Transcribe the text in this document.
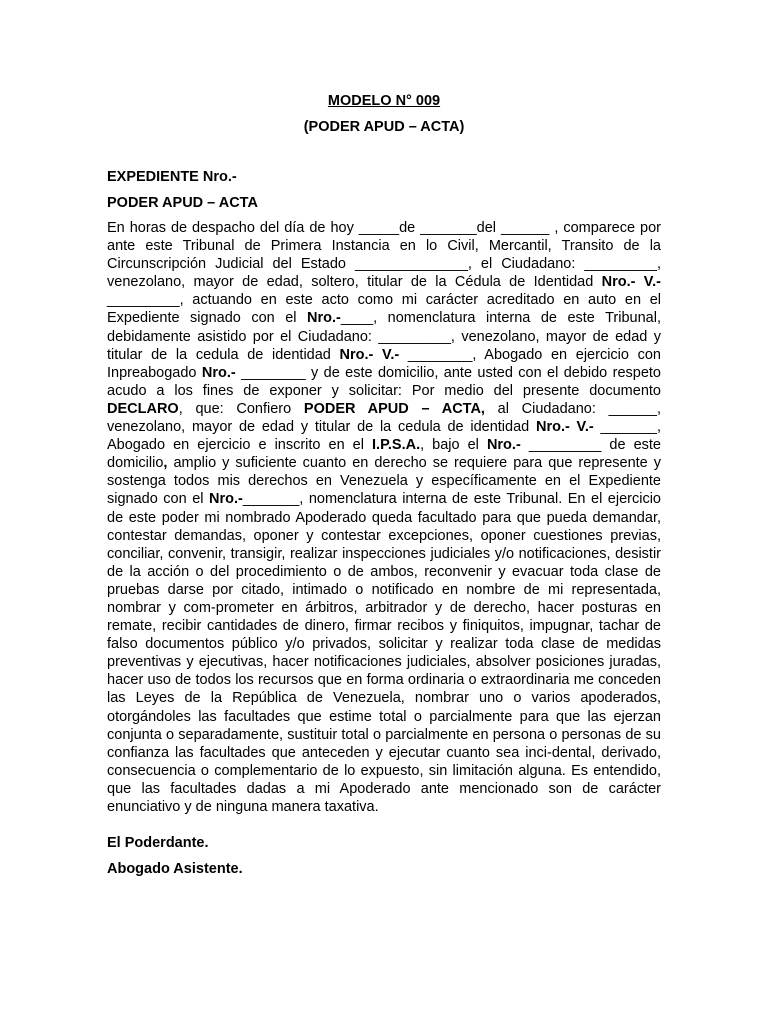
MODELO N° 009

(PODER APUD – ACTA)

EXPEDIENTE Nro.-

PODER APUD – ACTA

En horas de despacho del día de hoy _____de _______del ______ , comparece por ante este Tribunal de Primera Instancia en lo Civil, Mercantil, Transito de la Circunscripción Judicial del Estado ______________, el Ciudadano: _________, venezolano, mayor de edad, soltero, titular de la Cédula de Identidad Nro.- V.- _________, actuando en este acto como mi carácter acreditado en auto en el Expediente signado con el Nro.-____, nomenclatura interna de este Tribunal, debidamente asistido por el Ciudadano: _________, venezolano, mayor de edad y titular de la cedula de identidad Nro.- V.- ________, Abogado en ejercicio con Inpreabogado Nro.- ________ y de este domicilio, ante usted con el debido respeto acudo a los fines de exponer y solicitar: Por medio del presente documento DECLARO, que: Confiero PODER APUD – ACTA, al Ciudadano: ______, venezolano, mayor de edad y titular de la cedula de identidad Nro.- V.- _______, Abogado en ejercicio e inscrito en el I.P.S.A., bajo el Nro.- _________ de este domicilio, amplio y suficiente cuanto en derecho se requiere para que represente y sostenga todos mis derechos en Venezuela y específicamente en el Expediente signado con el Nro.-_______, nomenclatura interna de este Tribunal. En el ejercicio de este poder mi nombrado Apoderado queda facultado para que pueda demandar, contestar demandas, oponer y contestar excepciones, oponer cuestiones previas, conciliar, convenir, transigir, realizar inspecciones judiciales y/o notificaciones, desistir de la acción o del procedimiento o de ambos, reconvenir y evacuar toda clase de pruebas darse por citado, intimado o notificado en nombre de mi representada, nombrar y com-prometer en árbitros, arbitrador y de derecho, hacer posturas en remate, recibir cantidades de dinero, firmar recibos y finiquitos, impugnar, tachar de falso documentos público y/o privados, solicitar y realizar toda clase de medidas preventivas y ejecutivas, hacer notificaciones judiciales, absolver posiciones juradas, hacer uso de todos los recursos que en forma ordinaria o extraordinaria me conceden las Leyes de la República de Venezuela, nombrar uno o varios apoderados, otorgándoles las facultades que estime total o parcialmente para que las ejerzan conjunta o separadamente, sustituir total o parcialmente en persona o personas de su confianza las facultades que anteceden y ejecutar cuanto sea inci-dental, derivado, consecuencia o complementario de lo expuesto, sin limitación alguna. Es entendido, que las facultades dadas a mi Apoderado ante mencionado son de carácter enunciativo y de ninguna manera taxativa.

El Poderdante.

Abogado Asistente.
